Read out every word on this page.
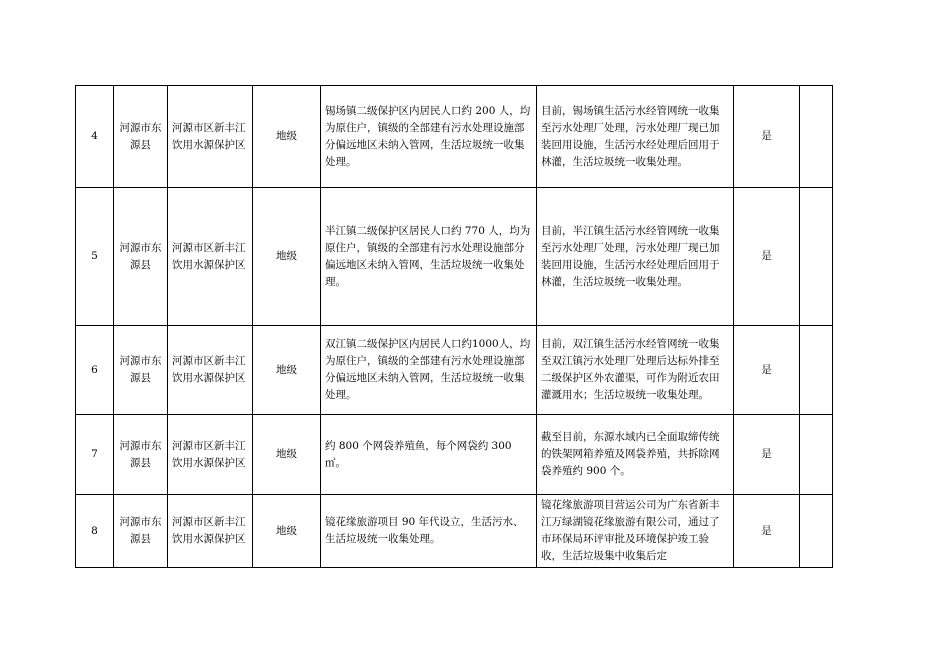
4	河源市东源县	河源市区新丰江饮用水源保护区	地级	锡场镇二级保护区内居民人口约 200 人，均为原住户，镇级的全部建有污水处理设施部分偏远地区未纳入管网，生活垃圾统一收集处理。	目前，锡场镇生活污水经管网统一收集至污水处理厂处理，污水处理厂现已加装回用设施，生活污水经处理后回用于林灌，生活垃圾统一收集处理。	是	
5	河源市东源县	河源市区新丰江饮用水源保护区	地级	半江镇二级保护区居民人口约 770 人，均为原住户，镇级的全部建有污水处理设施部分偏远地区未纳入管网，生活垃圾统一收集处理。	目前，半江镇生活污水经管网统一收集至污水处理厂处理，污水处理厂现已加装回用设施，生活污水经处理后回用于林灌，生活垃圾统一收集处理。	是	
6	河源市东源县	河源市区新丰江饮用水源保护区	地级	双江镇二级保护区内居民人口约1000人，均为原住户，镇级的全部建有污水处理设施部分偏远地区未纳入管网，生活垃圾统一收集处理。	目前，双江镇生活污水经管网统一收集至双江镇污水处理厂处理后达标外排至二级保护区外农灌渠，可作为附近农田灌溉用水；生活垃圾统一收集处理。	是	
7	河源市东源县	河源市区新丰江饮用水源保护区	地级	约 800 个网袋养殖鱼，每个网袋约 300 ㎡。	截至目前，东源水域内已全面取缔传统的铁架网箱养殖及网袋养殖，共拆除网袋养殖约 900 个。	是	
8	河源市东源县	河源市区新丰江饮用水源保护区	地级	镜花缘旅游项目 90 年代设立，生活污水、生活垃圾统一收集处理。	镜花缘旅游项目营运公司为广东省新丰江万绿湖镜花缘旅游有限公司，通过了市环保局环评审批及环境保护竣工验收，生活垃圾集中收集后定	是	
